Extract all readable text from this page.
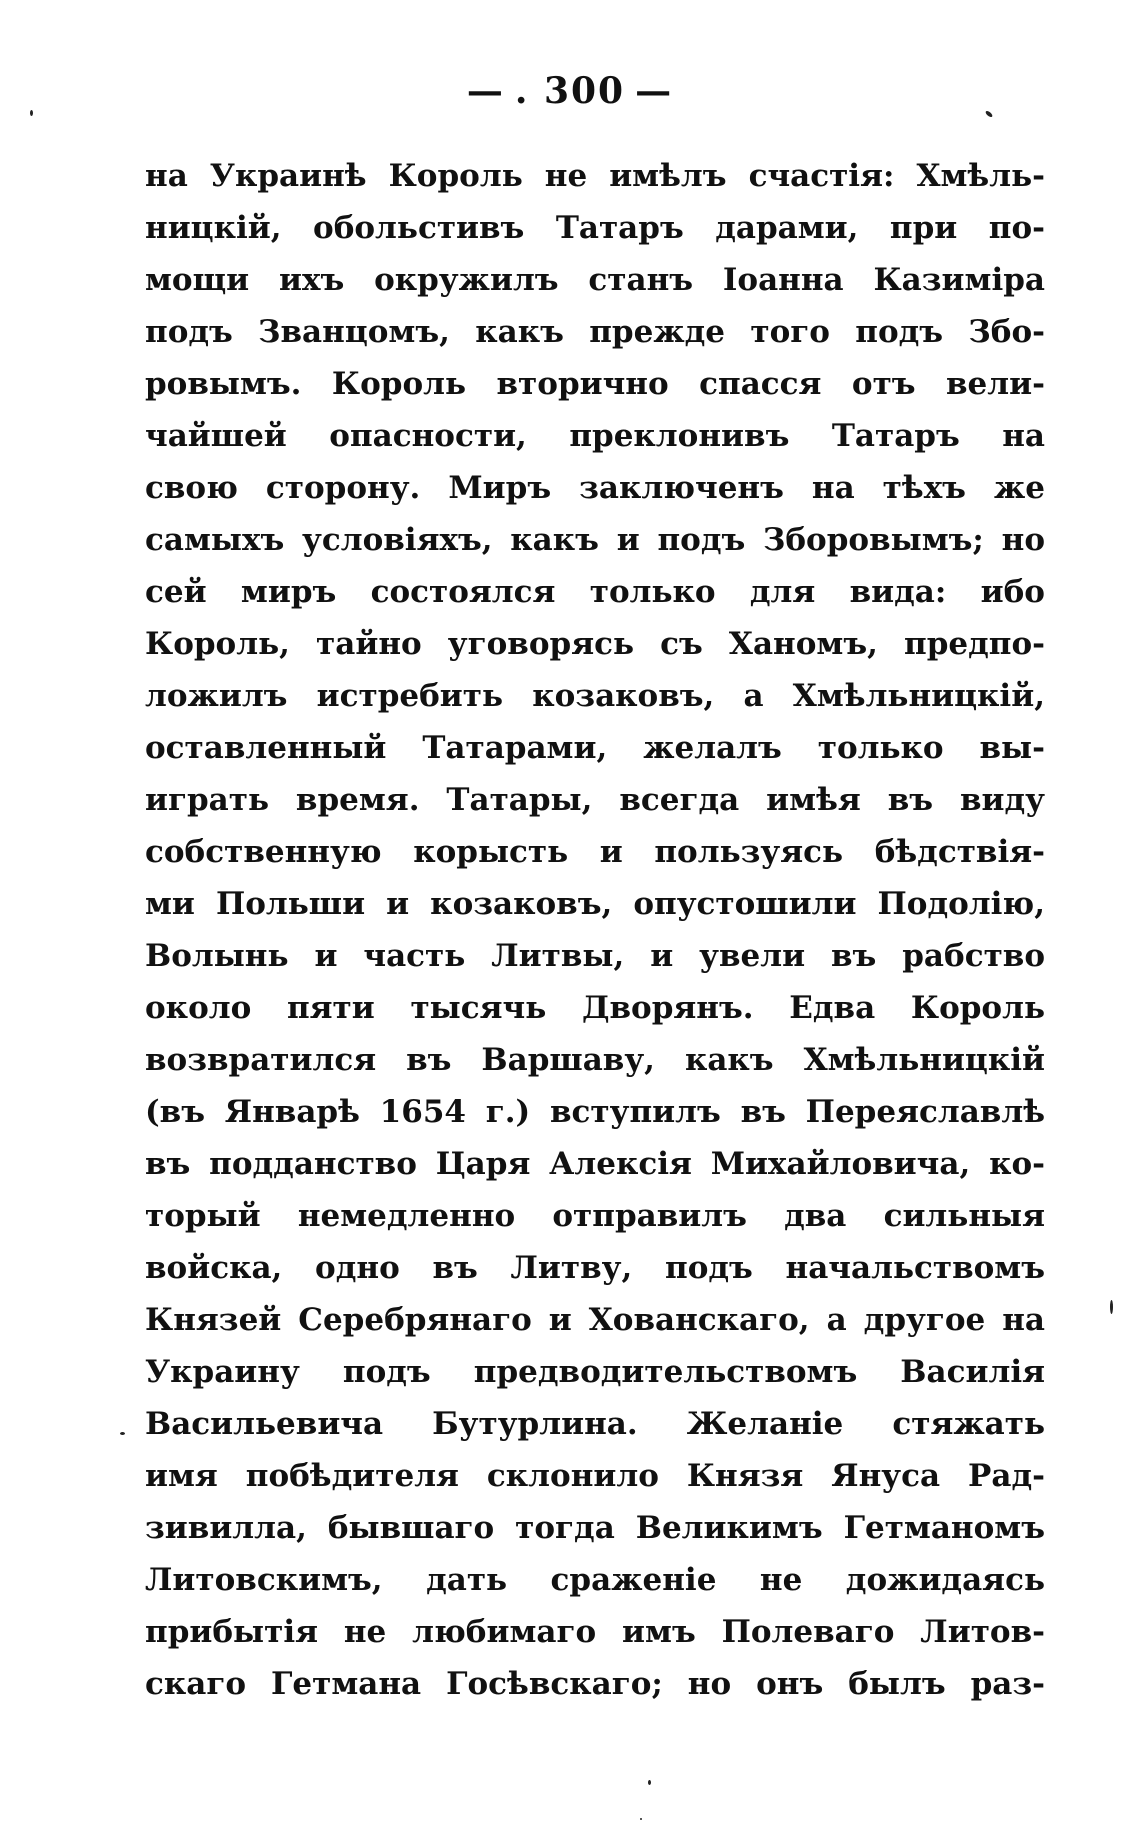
— . 300 —
на Украинѣ Король не имѣлъ счастія: Хмѣль-
ницкій, обольстивъ Татаръ дарами, при по-
мощи ихъ окружилъ станъ Іоанна Казиміра
подъ Званцомъ, какъ прежде того подъ Збо-
ровымъ. Король вторично спасся отъ вели-
чайшей опасности, преклонивъ Татаръ на
свою сторону. Миръ заключенъ на тѣхъ же
самыхъ условіяхъ, какъ и подъ Зборовымъ; но
сей миръ состоялся только для вида: ибо
Король, тайно уговорясь съ Ханомъ, предпо-
ложилъ истребить козаковъ, а Хмѣльницкій,
оставленный Татарами, желалъ только вы-
играть время. Татары, всегда имѣя въ виду
собственную корысть и пользуясь бѣдствія-
ми Польши и козаковъ, опустошили Подолію,
Волынь и часть Литвы, и увели въ рабство
около пяти тысячь Дворянъ. Едва Король
возвратился въ Варшаву, какъ Хмѣльницкій
(въ Январѣ 1654 г.) вступилъ въ Переяславлѣ
въ подданство Царя Алексія Михайловича, ко-
торый немедленно отправилъ два сильныя
войска, одно въ Литву, подъ начальствомъ
Князей Серебрянаго и Хованскаго, а другое на
Украину подъ предводительствомъ Василія
Васильевича Бутурлина. Желаніе стяжать
имя побѣдителя склонило Князя Януса Рад-
зивилла, бывшаго тогда Великимъ Гетманомъ
Литовскимъ, дать сраженіе не дожидаясь
прибытія не любимаго имъ Полеваго Литов-
скаго Гетмана Госѣвскаго; но онъ былъ раз-
